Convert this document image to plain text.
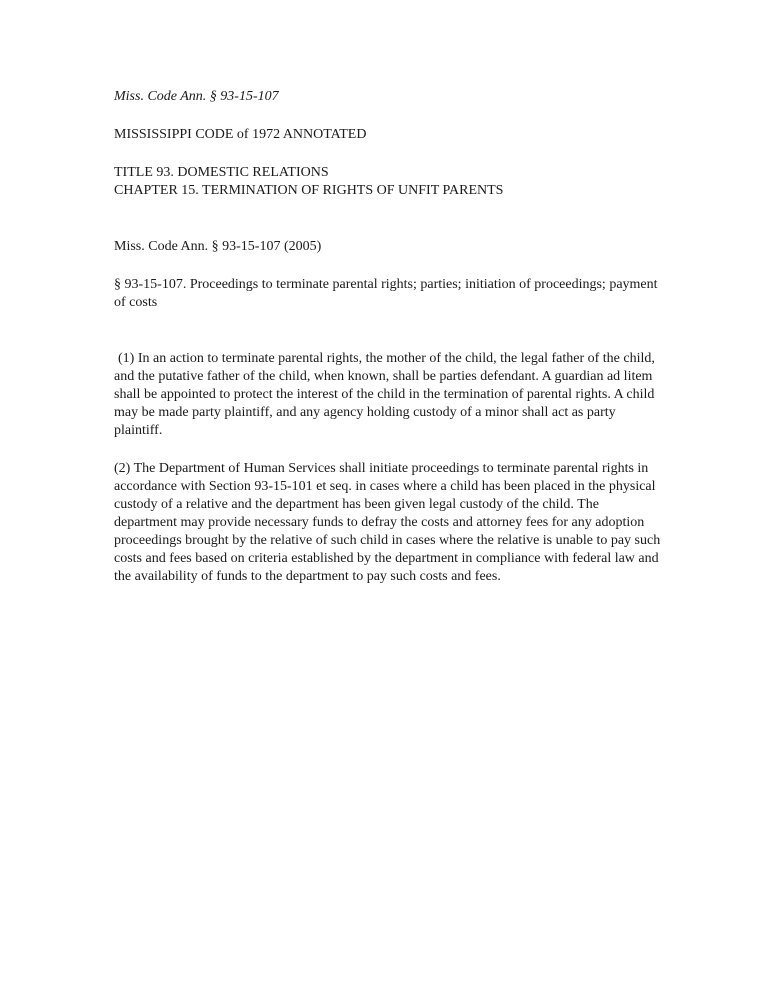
Miss. Code Ann. § 93-15-107

MISSISSIPPI CODE of 1972 ANNOTATED

TITLE 93. DOMESTIC RELATIONS
CHAPTER 15. TERMINATION OF RIGHTS OF UNFIT PARENTS

Miss. Code Ann. § 93-15-107 (2005)

§ 93-15-107. Proceedings to terminate parental rights; parties; initiation of proceedings; payment of costs

(1) In an action to terminate parental rights, the mother of the child, the legal father of the child, and the putative father of the child, when known, shall be parties defendant. A guardian ad litem shall be appointed to protect the interest of the child in the termination of parental rights. A child may be made party plaintiff, and any agency holding custody of a minor shall act as party plaintiff.

(2) The Department of Human Services shall initiate proceedings to terminate parental rights in accordance with Section 93-15-101 et seq. in cases where a child has been placed in the physical custody of a relative and the department has been given legal custody of the child. The department may provide necessary funds to defray the costs and attorney fees for any adoption proceedings brought by the relative of such child in cases where the relative is unable to pay such costs and fees based on criteria established by the department in compliance with federal law and the availability of funds to the department to pay such costs and fees.
